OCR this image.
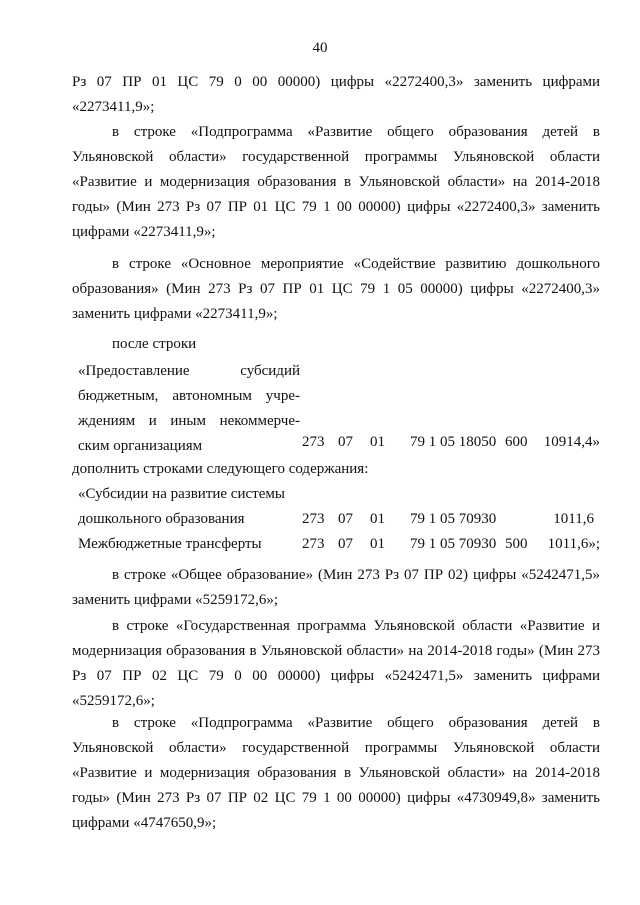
40
Рз 07 ПР 01 ЦС 79 0 00 00000) цифры «2272400,3» заменить цифрами «2273411,9»;
в строке «Подпрограмма «Развитие общего образования детей в Ульяновской области» государственной программы Ульяновской области «Развитие и модернизация образования в Ульяновской области» на 2014-2018 годы» (Мин 273 Рз 07 ПР 01 ЦС 79 1 00 00000) цифры «2272400,3» заменить цифрами «2273411,9»;
в строке «Основное мероприятие «Содействие развитию дошкольного образования» (Мин 273 Рз 07 ПР 01 ЦС 79 1 05 00000) цифры «2272400,3» заменить цифрами «2273411,9»;
после строки
«Предоставление субсидий
бюджетным, автономным учре-
ждениям и иным некоммерче-
ским организациям	273 07 01 79 1 05 18050 600 10914,4»
дополнить строками следующего содержания:
«Субсидии на развитие системы
дошкольного образования	273 07 01 79 1 05 70930	1011,6
Межбюджетные трансферты	273 07 01 79 1 05 70930 500 1011,6»;
в строке «Общее образование» (Мин 273 Рз 07 ПР 02) цифры «5242471,5» заменить цифрами «5259172,6»;
в строке «Государственная программа Ульяновской области «Развитие и модернизация образования в Ульяновской области» на 2014-2018 годы» (Мин 273 Рз 07 ПР 02 ЦС 79 0 00 00000) цифры «5242471,5» заменить цифрами «5259172,6»;
в строке «Подпрограмма «Развитие общего образования детей в Ульяновской области» государственной программы Ульяновской области «Развитие и модернизация образования в Ульяновской области» на 2014-2018 годы» (Мин 273 Рз 07 ПР 02 ЦС 79 1 00 00000) цифры «4730949,8» заменить цифрами «4747650,9»;
